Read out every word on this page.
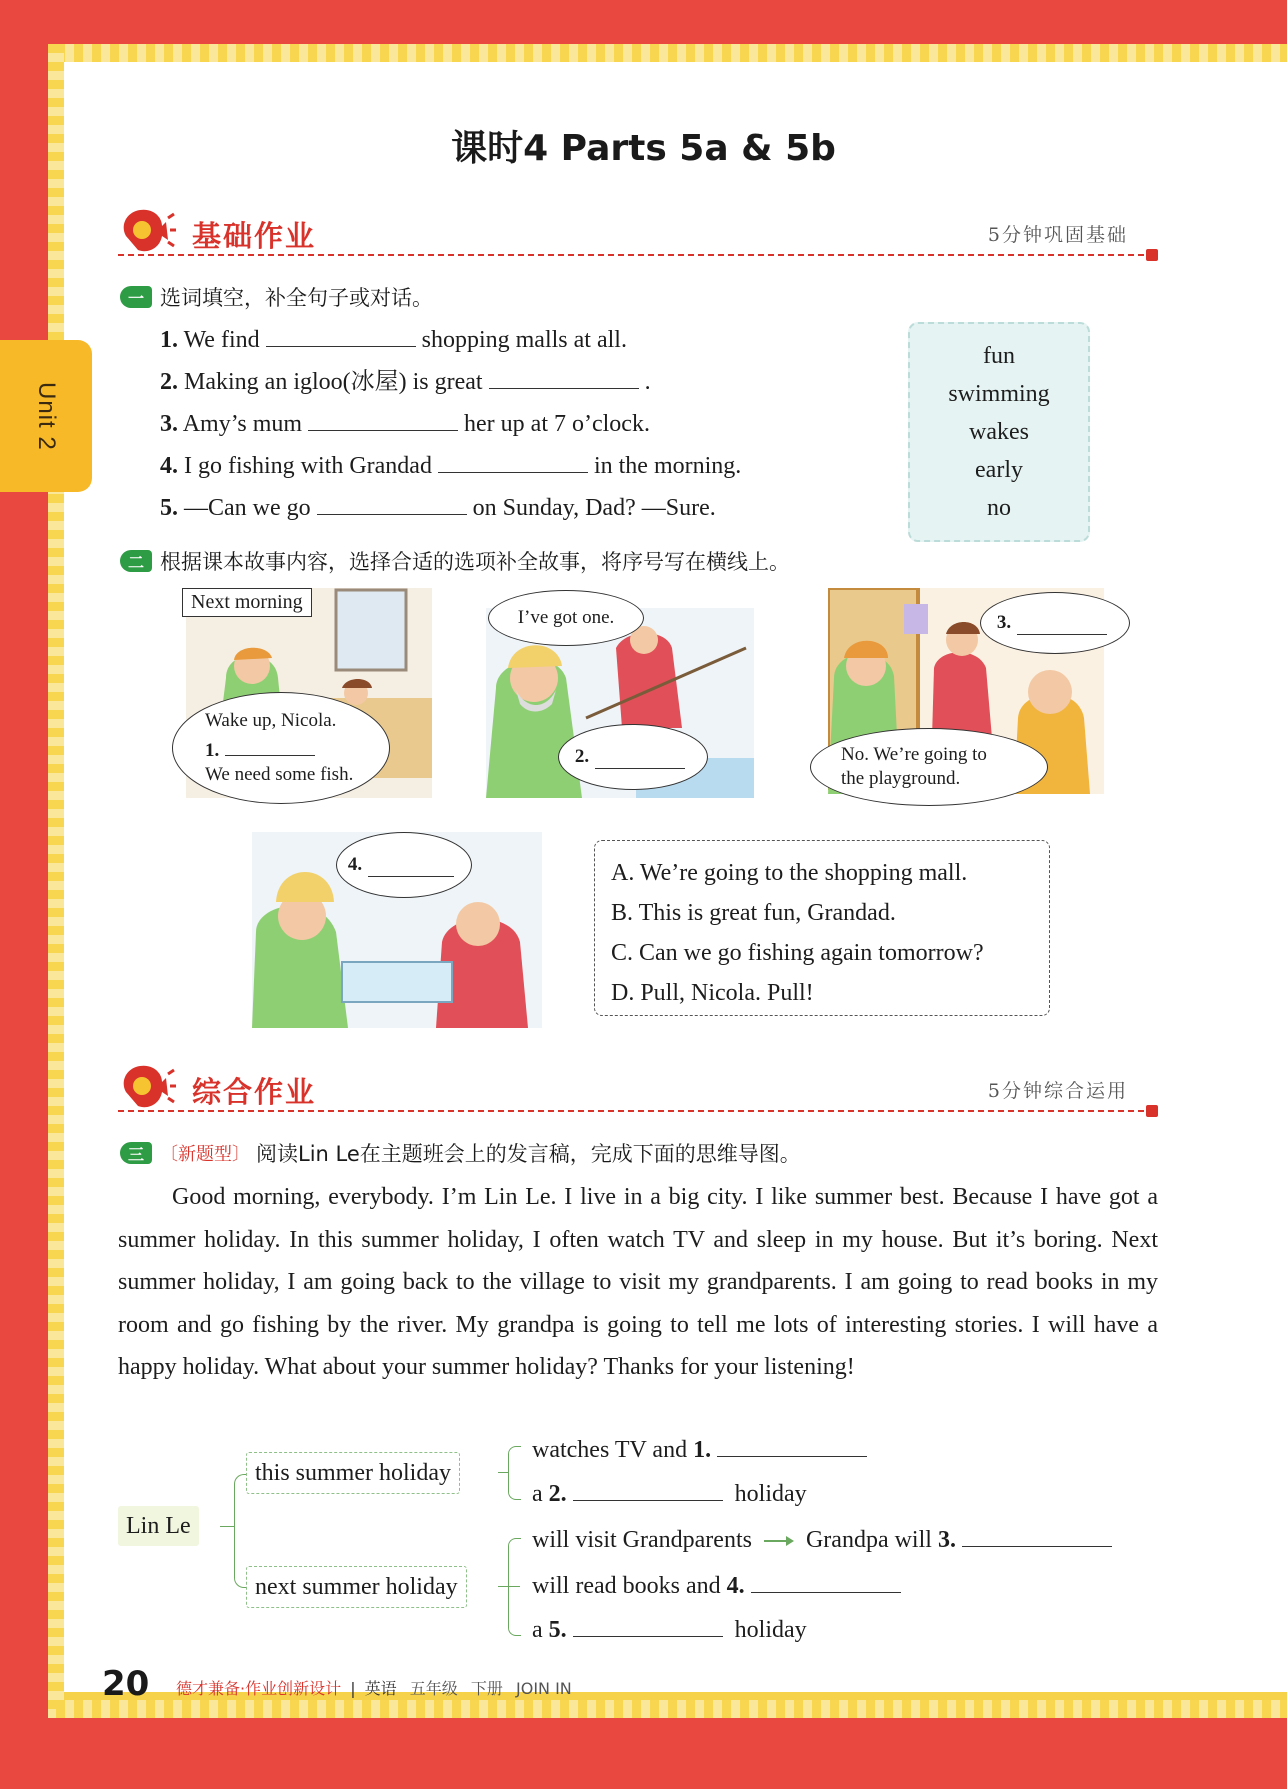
Unit 2
课时4 Parts 5a & 5b
基础作业	5分钟巩固基础
一 选词填空，补全句子或对话。
1. We find	shopping malls at all.
2. Making an igloo(冰屋) is great	.
3. Amy’s mum	her up at 7 o’clock.
4. I go fishing with Grandad	in the morning.
5. —Can we go	on Sunday, Dad? —Sure.
fun
swimming
wakes
early
no
二 根据课本故事内容，选择合适的选项补全故事，将序号写在横线上。
Next morning
Wake up, Nicola.
1.
We need some fish.
I’ve got one.
2.
3.
No. We’re going to
the playground.
4.	A. We’re going to the shopping mall.
B. This is great fun, Grandad.
C. Can we go fishing again tomorrow?
D. Pull, Nicola. Pull!
综合作业	5分钟综合运用
三 〔新题型〕 阅读Lin Le在主题班会上的发言稿，完成下面的思维导图。

Good morning, everybody. I’m Lin Le. I live in a big city. I like summer best. Because I have got a summer holiday. In this summer holiday, I often watch TV and sleep in my house. But it’s boring. Next summer holiday, I am going back to the village to visit my grandparents. I am going to read books in my room and go fishing by the river. My grandpa is going to tell me lots of interesting stories. I will have a happy holiday. What about your summer holiday? Thanks for your listening!

Lin Le
this summer holiday
next summer holiday
watches TV and 1.
a 2.	holiday
will visit Grandparents Grandpa will 3.
will read books and 4.
a 5.	holiday
20 德才兼备·作业创新设计 | 英语 五年级 下册 JOIN IN
